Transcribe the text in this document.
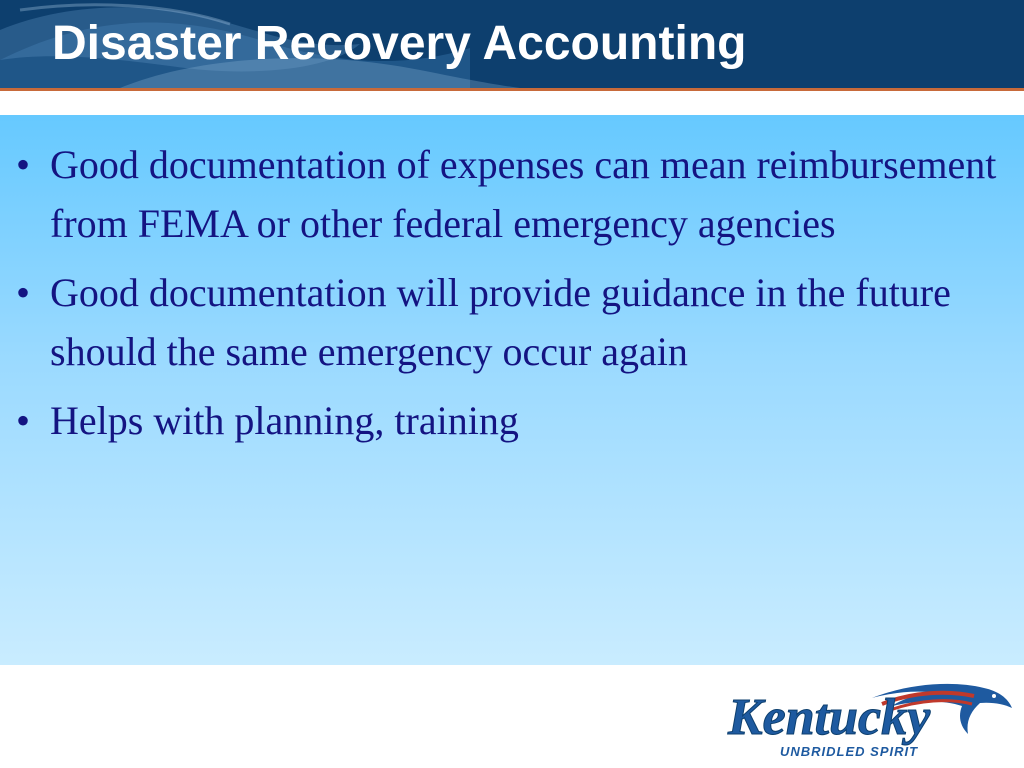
Disaster Recovery Accounting
• Good documentation of expenses can mean reimbursement from FEMA or other federal emergency agencies
• Good documentation will provide guidance in the future should the same emergency occur again
• Helps with planning, training
Kentucky
UNBRIDLED SPIRIT
